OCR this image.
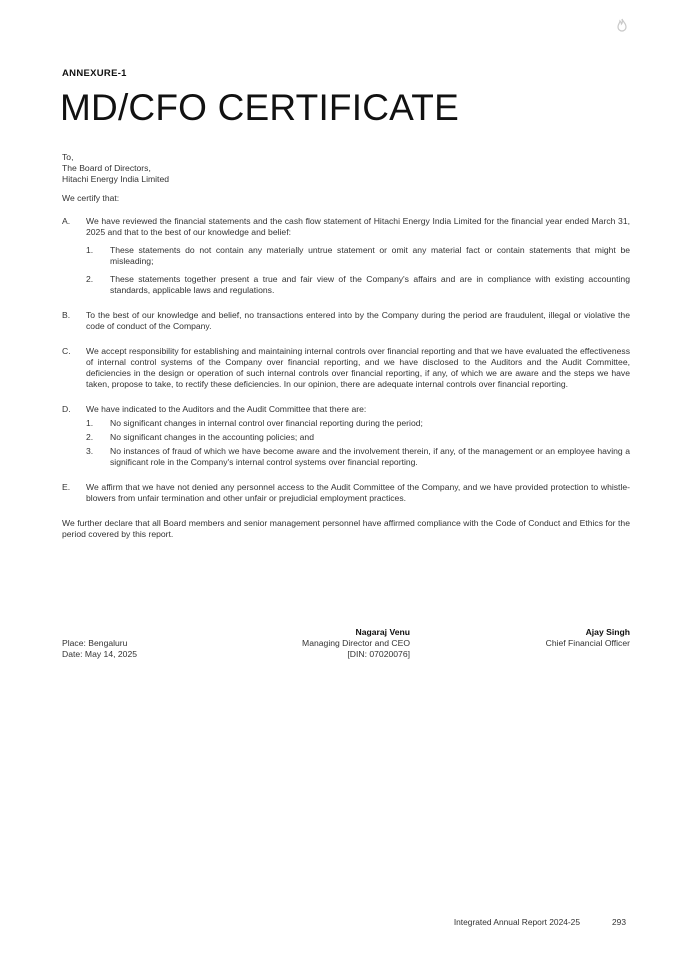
ANNEXURE-1
MD/CFO CERTIFICATE
To,
The Board of Directors,
Hitachi Energy India Limited
We certify that:
A.	We have reviewed the financial statements and the cash flow statement of Hitachi Energy India Limited for the financial year ended March 31, 2025 and that to the best of our knowledge and belief:
1.	These statements do not contain any materially untrue statement or omit any material fact or contain statements that might be misleading;
2.	These statements together present a true and fair view of the Company's affairs and are in compliance with existing accounting standards, applicable laws and regulations.
B.	To the best of our knowledge and belief, no transactions entered into by the Company during the period are fraudulent, illegal or violative the code of conduct of the Company.
C.	We accept responsibility for establishing and maintaining internal controls over financial reporting and that we have evaluated the effectiveness of internal control systems of the Company over financial reporting, and we have disclosed to the Auditors and the Audit Committee, deficiencies in the design or operation of such internal controls over financial reporting, if any, of which we are aware and the steps we have taken, propose to take, to rectify these deficiencies. In our opinion, there are adequate internal controls over financial reporting.
D.	We have indicated to the Auditors and the Audit Committee that there are:
1.	No significant changes in internal control over financial reporting during the period;
2.	No significant changes in the accounting policies; and
3.	No instances of fraud of which we have become aware and the involvement therein, if any, of the management or an employee having a significant role in the Company's internal control systems over financial reporting.
E.	We affirm that we have not denied any personnel access to the Audit Committee of the Company, and we have provided protection to whistle-blowers from unfair termination and other unfair or prejudicial employment practices.
We further declare that all Board members and senior management personnel have affirmed compliance with the Code of Conduct and Ethics for the period covered by this report.

Place: Bengaluru
Date: May 14, 2025
Nagaraj Venu
Managing Director and CEO
[DIN: 07020076]
Ajay Singh
Chief Financial Officer
Integrated Annual Report 2024-25	293
